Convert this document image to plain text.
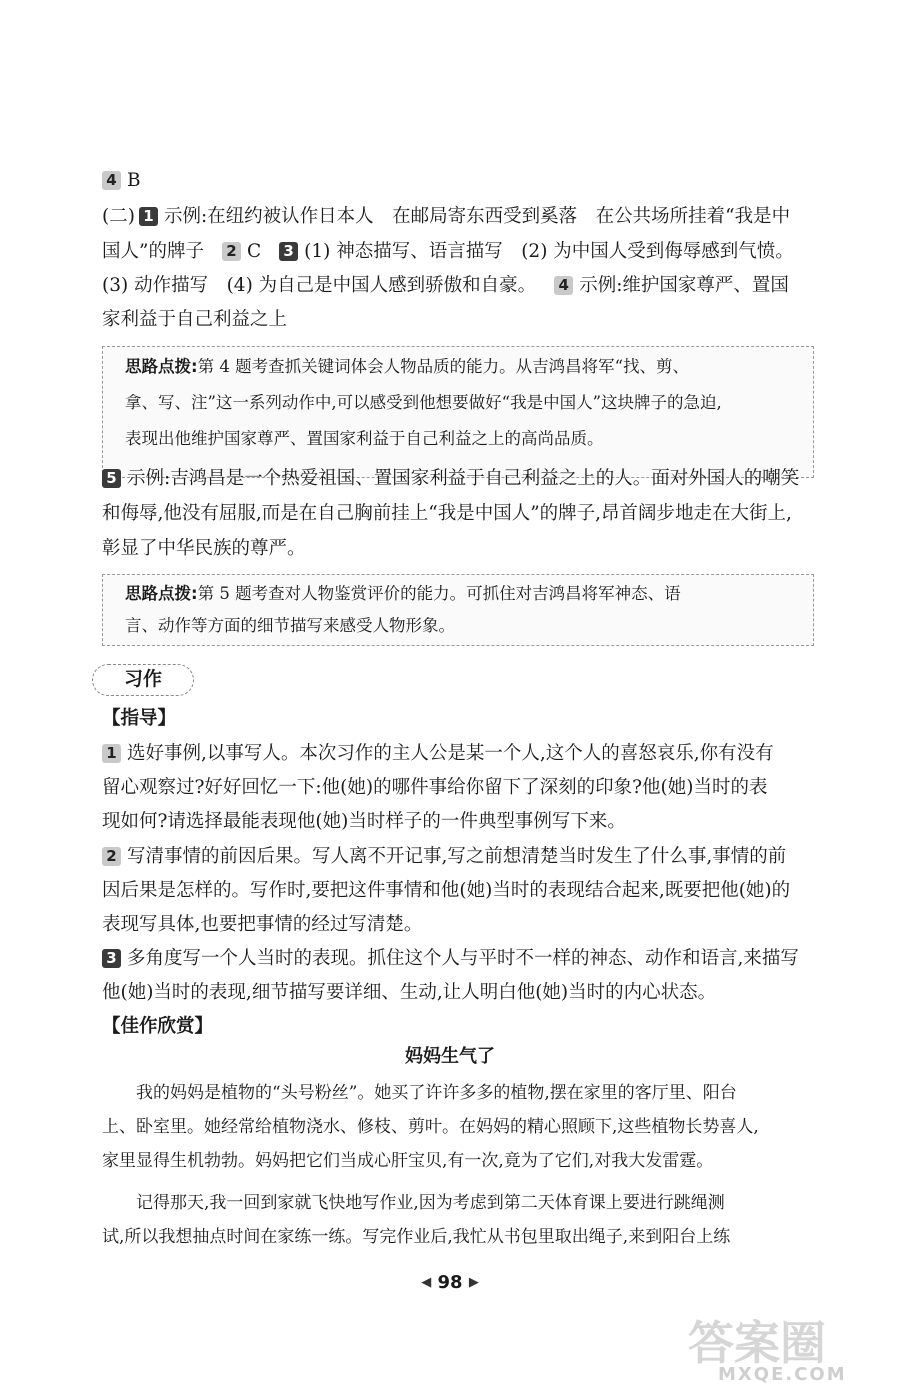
4 B
(二) 1 示例:在纽约被认作日本人　在邮局寄东西受到奚落　在公共场所挂着“我是中
国人”的牌子 2 C 3 (1) 神态描写、语言描写　(2) 为中国人受到侮辱感到气愤。
(3) 动作描写　(4) 为自己是中国人感到骄傲和自豪。 4 示例:维护国家尊严、置国
家利益于自己利益之上
思路点拨:第 4 题考查抓关键词体会人物品质的能力。从吉鸿昌将军“找、剪、
拿、写、注”这一系列动作中,可以感受到他想要做好“我是中国人”这块牌子的急迫,
表现出他维护国家尊严、置国家利益于自己利益之上的高尚品质。
5 示例:吉鸿昌是一个热爱祖国、置国家利益于自己利益之上的人。面对外国人的嘲笑
和侮辱,他没有屈服,而是在自己胸前挂上“我是中国人”的牌子,昂首阔步地走在大街上,
彰显了中华民族的尊严。
思路点拨:第 5 题考查对人物鉴赏评价的能力。可抓住对吉鸿昌将军神态、语
言、动作等方面的细节描写来感受人物形象。
习作
【指导】
1 选好事例,以事写人。本次习作的主人公是某一个人,这个人的喜怒哀乐,你有没有
留心观察过?好好回忆一下:他(她)的哪件事给你留下了深刻的印象?他(她)当时的表
现如何?请选择最能表现他(她)当时样子的一件典型事例写下来。
2 写清事情的前因后果。写人离不开记事,写之前想清楚当时发生了什么事,事情的前
因后果是怎样的。写作时,要把这件事情和他(她)当时的表现结合起来,既要把他(她)的
表现写具体,也要把事情的经过写清楚。
3 多角度写一个人当时的表现。抓住这个人与平时不一样的神态、动作和语言,来描写
他(她)当时的表现,细节描写要详细、生动,让人明白他(她)当时的内心状态。
【佳作欣赏】
妈妈生气了
我的妈妈是植物的“头号粉丝”。她买了许许多多的植物,摆在家里的客厅里、阳台
上、卧室里。她经常给植物浇水、修枝、剪叶。在妈妈的精心照顾下,这些植物长势喜人,
家里显得生机勃勃。妈妈把它们当成心肝宝贝,有一次,竟为了它们,对我大发雷霆。
记得那天,我一回到家就飞快地写作业,因为考虑到第二天体育课上要进行跳绳测
试,所以我想抽点时间在家练一练。写完作业后,我忙从书包里取出绳子,来到阳台上练
◀ 98 ▶
答案圈
MXQE.COM
